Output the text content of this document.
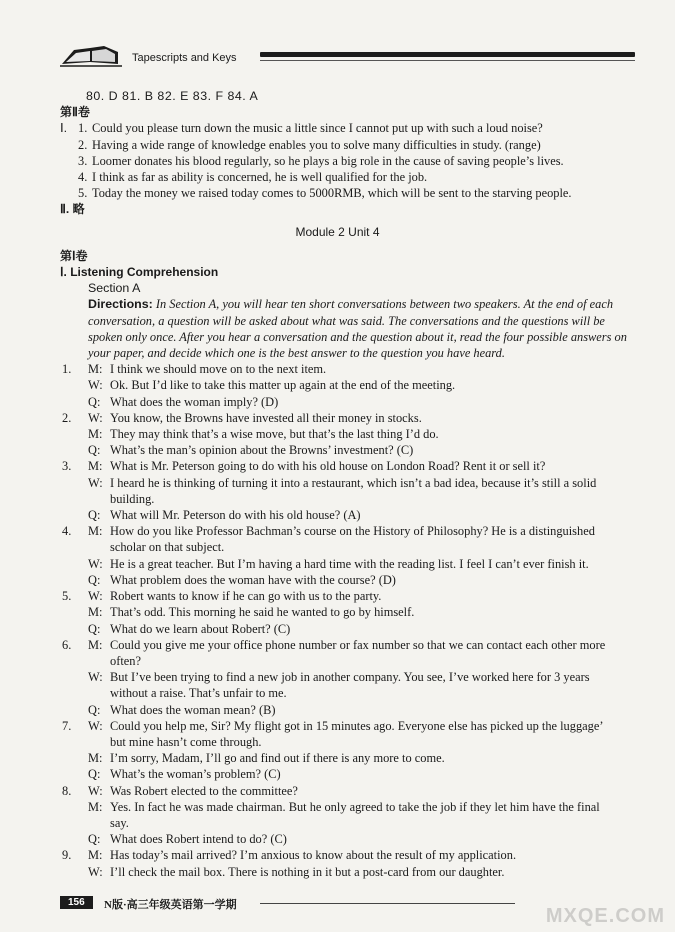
Tapescripts and Keys
80. D 81. B 82. E 83. F 84. A
第Ⅱ卷
Ⅰ. 1. Could you please turn down the music a little since I cannot put up with such a loud noise?
2. Having a wide range of knowledge enables you to solve many difficulties in study. (range)
3. Loomer donates his blood regularly, so he plays a big role in the cause of saving people’s lives.
4. I think as far as ability is concerned, he is well qualified for the job.
5. Today the money we raised today comes to 5000RMB, which will be sent to the starving people.
Ⅱ. 略
Module 2 Unit 4
第Ⅰ卷
Ⅰ. Listening Comprehension
Section A
Directions: In Section A, you will hear ten short conversations between two speakers. At the end of each
conversation, a question will be asked about what was said. The conversations and the questions will be
spoken only once. After you hear a conversation and the question about it, read the four possible answers on
your paper, and decide which one is the best answer to the question you have heard.
1.	M: I think we should move on to the next item.
W: Ok. But I’d like to take this matter up again at the end of the meeting.
Q: What does the woman imply? (D)
2.	W: You know, the Browns have invested all their money in stocks.
M: They may think that’s a wise move, but that’s the last thing I’d do.
Q: What’s the man’s opinion about the Browns’ investment? (C)
3.	M: What is Mr. Peterson going to do with his old house on London Road? Rent it or sell it?
W: I heard he is thinking of turning it into a restaurant, which isn’t a bad idea, because it’s still a solid
building.
Q: What will Mr. Peterson do with his old house? (A)
4.	M: How do you like Professor Bachman’s course on the History of Philosophy? He is a distinguished
scholar on that subject.
W: He is a great teacher. But I’m having a hard time with the reading list. I feel I can’t ever finish it.
Q: What problem does the woman have with the course? (D)
5.	W: Robert wants to know if he can go with us to the party.
M: That’s odd. This morning he said he wanted to go by himself.
Q: What do we learn about Robert? (C)
6.	M: Could you give me your office phone number or fax number so that we can contact each other more
often?
W: But I’ve been trying to find a new job in another company. You see, I’ve worked here for 3 years
without a raise. That’s unfair to me.
Q: What does the woman mean? (B)
7.	W: Could you help me, Sir? My flight got in 15 minutes ago. Everyone else has picked up the luggage’
but mine hasn’t come through.
M: I’m sorry, Madam, I’ll go and find out if there is any more to come.
Q: What’s the woman’s problem? (C)
8.	W: Was Robert elected to the committee?
M: Yes. In fact he was made chairman. But he only agreed to take the job if they let him have the final
say.
Q: What does Robert intend to do? (C)
9.	M: Has today’s mail arrived? I’m anxious to know about the result of my application.
W: I’ll check the mail box. There is nothing in it but a post-card from our daughter.
156	N版·高三年级英语第一学期	MXQE.COM
